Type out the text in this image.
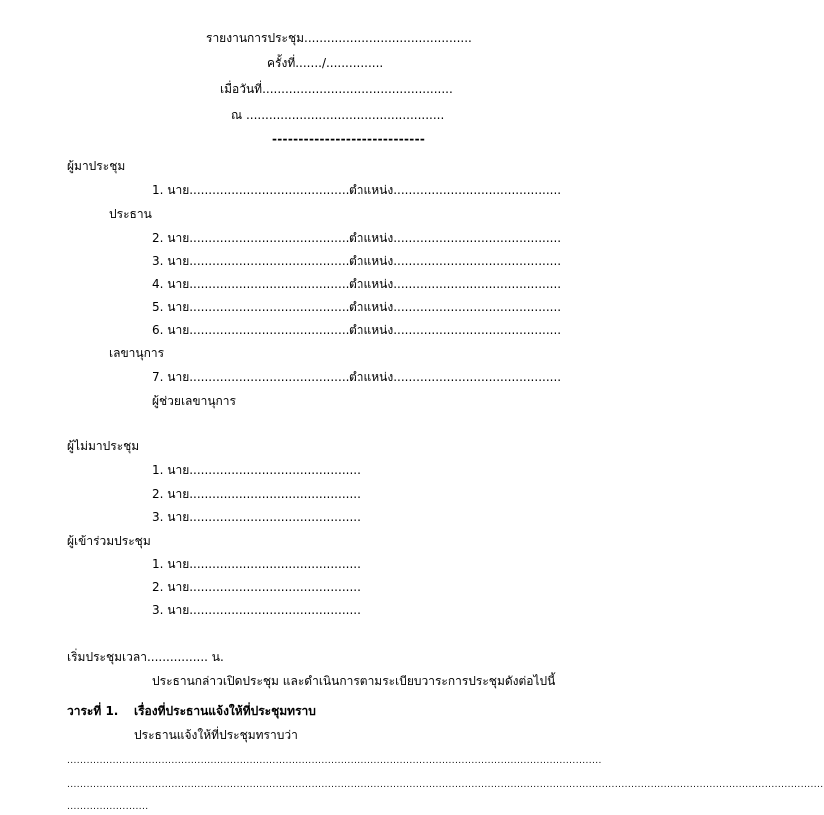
รายงานการประชุม............................................
ครั้งที่......./...............
เมื่อวันที่..................................................
ณ ....................................................
-----------------------------
ผู้มาประชุม
1. นาย.............................................
ตำแหน่ง............................................
ประธาน
2. นาย.............................................
ตำแหน่ง............................................
3. นาย.............................................
ตำแหน่ง............................................
4. นาย.............................................
ตำแหน่ง............................................
5. นาย.............................................
ตำแหน่ง............................................
6. นาย.............................................
ตำแหน่ง............................................
เลขานุการ
7. นาย.............................................
ตำแหน่ง............................................
ผู้ช่วยเลขานุการ
ผู้ไม่มาประชุม
1. นาย.............................................
2. นาย.............................................
3. นาย.............................................
ผู้เข้าร่วมประชุม
1. นาย.............................................
2. นาย.............................................
3. นาย.............................................
เริ่มประชุมเวลา................ น.
ประธานกล่าวเปิดประชุม และดำเนินการตามระเบียบวาระการประชุมดังต่อไปนี้
วาระที่ 1. เรื่องที่ประธานแจ้งให้ที่ประชุมทราบ
ประธานแจ้งให้ที่ประชุมทราบว่า
....................................................................................................................................................................
........................................................................................................................................................................................................................................
.........................
